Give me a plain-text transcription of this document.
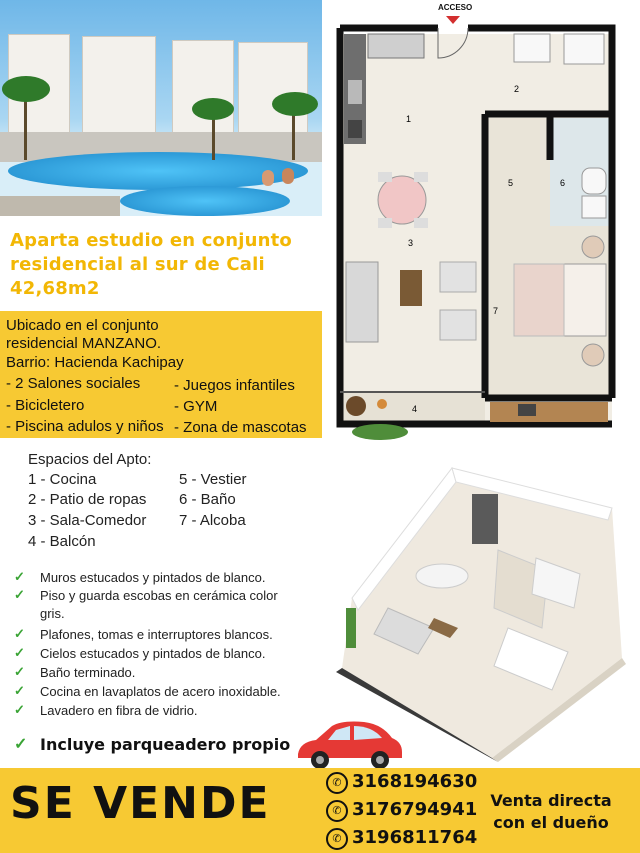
Aparta estudio en conjunto
residencial al sur de Cali
42,68m2
Ubicado en el conjunto
residencial MANZANO.
Barrio: Hacienda Kachipay
- 2 Salones sociales
- Bicicletero
- Piscina adulos y niños
- Juegos infantiles
- GYM
- Zona de mascotas
ACCESO
2
1
3
4
5	6
7
Espacios del Apto:
1 - Cocina
2 - Patio de ropas
3 - Sala-Comedor
4 - Balcón
5 - Vestier
6 - Baño
7 - Alcoba
✓ Muros estucados y pintados de blanco.
✓ Piso y guarda escobas en cerámica color
gris.
✓ Plafones, tomas e interruptores blancos.
✓ Cielos estucados y pintados de blanco.
✓ Baño terminado.
✓ Cocina en lavaplatos de acero inoxidable.
✓ Lavadero en fibra de vidrio.
✓ Incluye parqueadero propio
SE VENDE	✆ 3168194630
✆ 3176794941
✆ 3196811764
Venta directa
con el dueño
